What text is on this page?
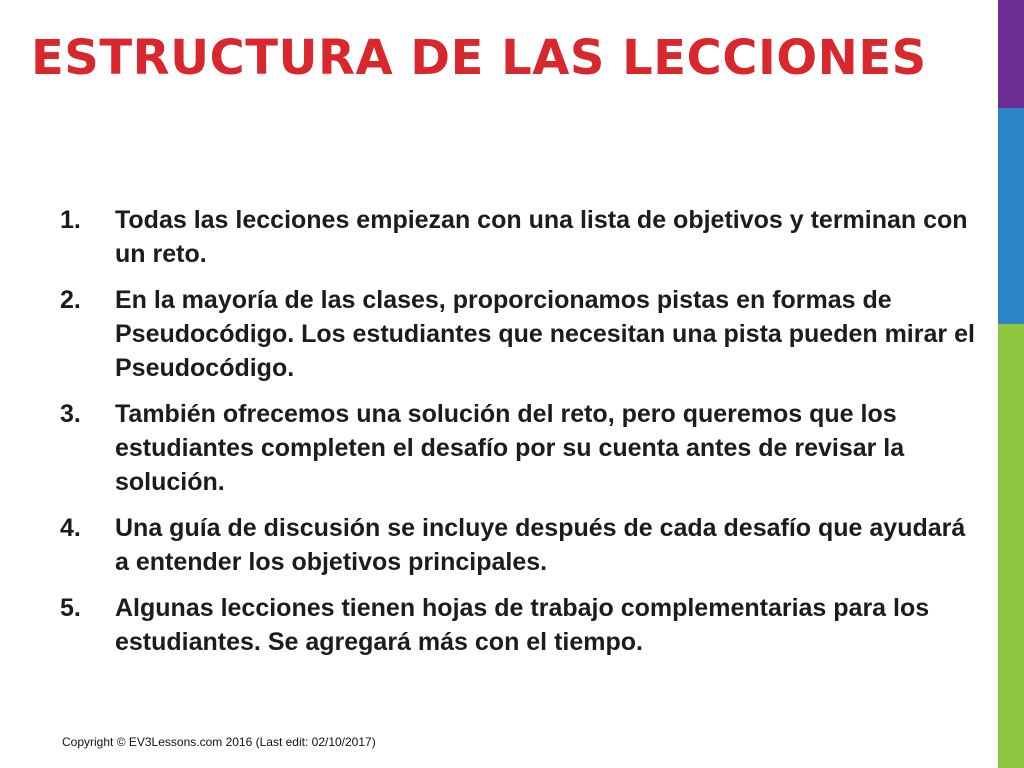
ESTRUCTURA DE LAS LECCIONES
1. Todas las lecciones empiezan con una lista de objetivos y terminan con un reto.
2. En la mayoría de las clases, proporcionamos pistas en formas de Pseudocódigo. Los estudiantes que necesitan una pista pueden mirar el Pseudocódigo.
3. También ofrecemos una solución del reto, pero queremos que los estudiantes completen el desafío por su cuenta antes de revisar la solución.
4. Una guía de discusión se incluye después de cada desafío que ayudará a entender los objetivos principales.
5. Algunas lecciones tienen hojas de trabajo complementarias para los estudiantes. Se agregará más con el tiempo.
Copyright © EV3Lessons.com 2016 (Last edit: 02/10/2017)
